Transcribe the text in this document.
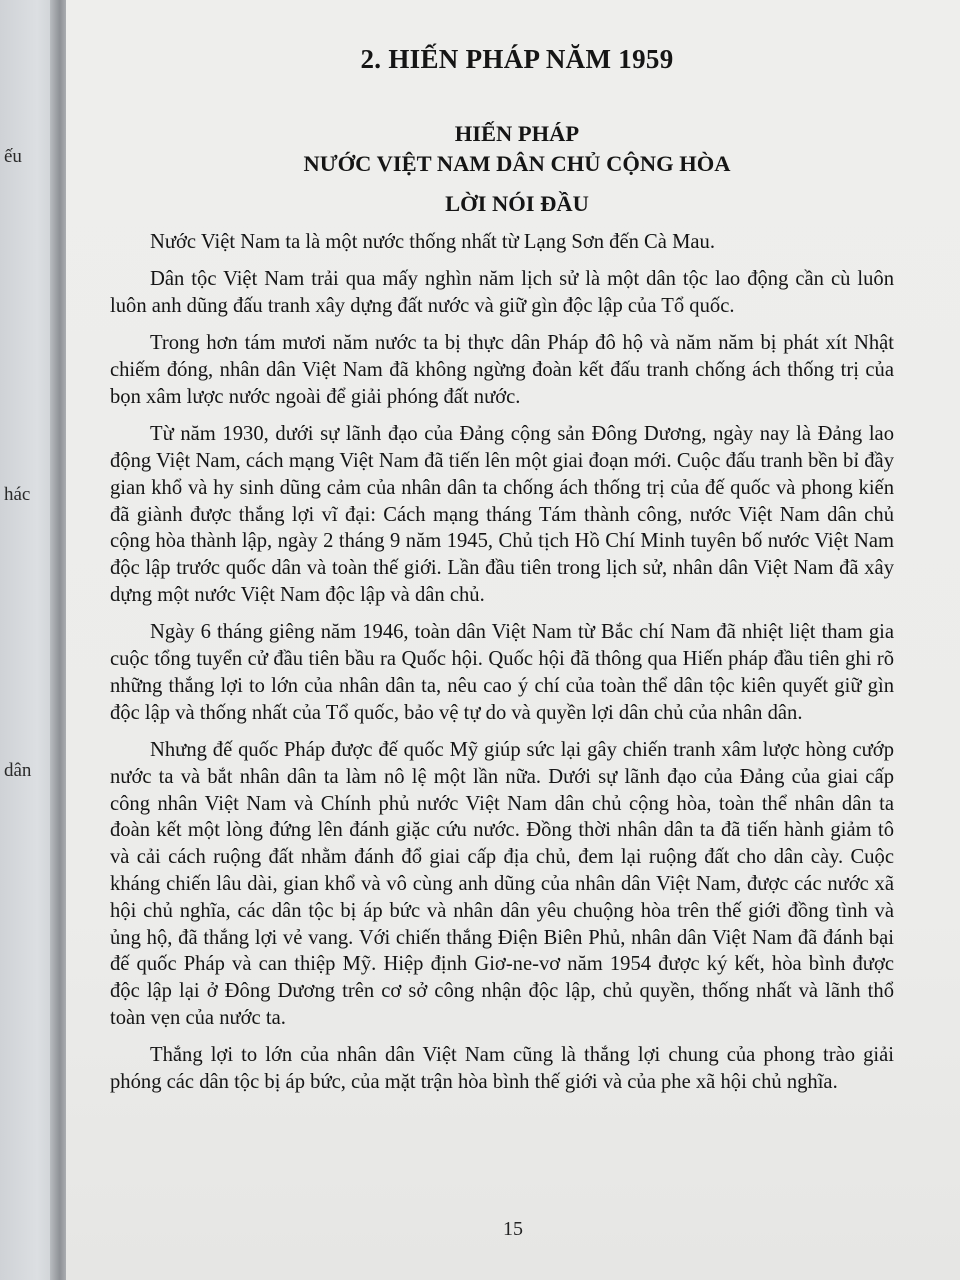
ếu
hác
dân
2. HIẾN PHÁP NĂM 1959
HIẾN PHÁP
NƯỚC VIỆT NAM DÂN CHỦ CỘNG HÒA
LỜI NÓI ĐẦU

Nước Việt Nam ta là một nước thống nhất từ Lạng Sơn đến Cà Mau.

Dân tộc Việt Nam trải qua mấy nghìn năm lịch sử là một dân tộc lao động cần cù luôn luôn anh dũng đấu tranh xây dựng đất nước và giữ gìn độc lập của Tổ quốc.

Trong hơn tám mươi năm nước ta bị thực dân Pháp đô hộ và năm năm bị phát xít Nhật chiếm đóng, nhân dân Việt Nam đã không ngừng đoàn kết đấu tranh chống ách thống trị của bọn xâm lược nước ngoài để giải phóng đất nước.

Từ năm 1930, dưới sự lãnh đạo của Đảng cộng sản Đông Dương, ngày nay là Đảng lao động Việt Nam, cách mạng Việt Nam đã tiến lên một giai đoạn mới. Cuộc đấu tranh bền bỉ đầy gian khổ và hy sinh dũng cảm của nhân dân ta chống ách thống trị của đế quốc và phong kiến đã giành được thắng lợi vĩ đại: Cách mạng tháng Tám thành công, nước Việt Nam dân chủ cộng hòa thành lập, ngày 2 tháng 9 năm 1945, Chủ tịch Hồ Chí Minh tuyên bố nước Việt Nam độc lập trước quốc dân và toàn thế giới. Lần đầu tiên trong lịch sử, nhân dân Việt Nam đã xây dựng một nước Việt Nam độc lập và dân chủ.

Ngày 6 tháng giêng năm 1946, toàn dân Việt Nam từ Bắc chí Nam đã nhiệt liệt tham gia cuộc tổng tuyển cử đầu tiên bầu ra Quốc hội. Quốc hội đã thông qua Hiến pháp đầu tiên ghi rõ những thắng lợi to lớn của nhân dân ta, nêu cao ý chí của toàn thể dân tộc kiên quyết giữ gìn độc lập và thống nhất của Tổ quốc, bảo vệ tự do và quyền lợi dân chủ của nhân dân.

Nhưng đế quốc Pháp được đế quốc Mỹ giúp sức lại gây chiến tranh xâm lược hòng cướp nước ta và bắt nhân dân ta làm nô lệ một lần nữa. Dưới sự lãnh đạo của Đảng của giai cấp công nhân Việt Nam và Chính phủ nước Việt Nam dân chủ cộng hòa, toàn thể nhân dân ta đoàn kết một lòng đứng lên đánh giặc cứu nước. Đồng thời nhân dân ta đã tiến hành giảm tô và cải cách ruộng đất nhằm đánh đổ giai cấp địa chủ, đem lại ruộng đất cho dân cày. Cuộc kháng chiến lâu dài, gian khổ và vô cùng anh dũng của nhân dân Việt Nam, được các nước xã hội chủ nghĩa, các dân tộc bị áp bức và nhân dân yêu chuộng hòa trên thế giới đồng tình và ủng hộ, đã thắng lợi vẻ vang. Với chiến thắng Điện Biên Phủ, nhân dân Việt Nam đã đánh bại đế quốc Pháp và can thiệp Mỹ. Hiệp định Giơ-ne-vơ năm 1954 được ký kết, hòa bình được độc lập lại ở Đông Dương trên cơ sở công nhận độc lập, chủ quyền, thống nhất và lãnh thổ toàn vẹn của nước ta.

Thắng lợi to lớn của nhân dân Việt Nam cũng là thắng lợi chung của phong trào giải phóng các dân tộc bị áp bức, của mặt trận hòa bình thế giới và của phe xã hội chủ nghĩa.

15
